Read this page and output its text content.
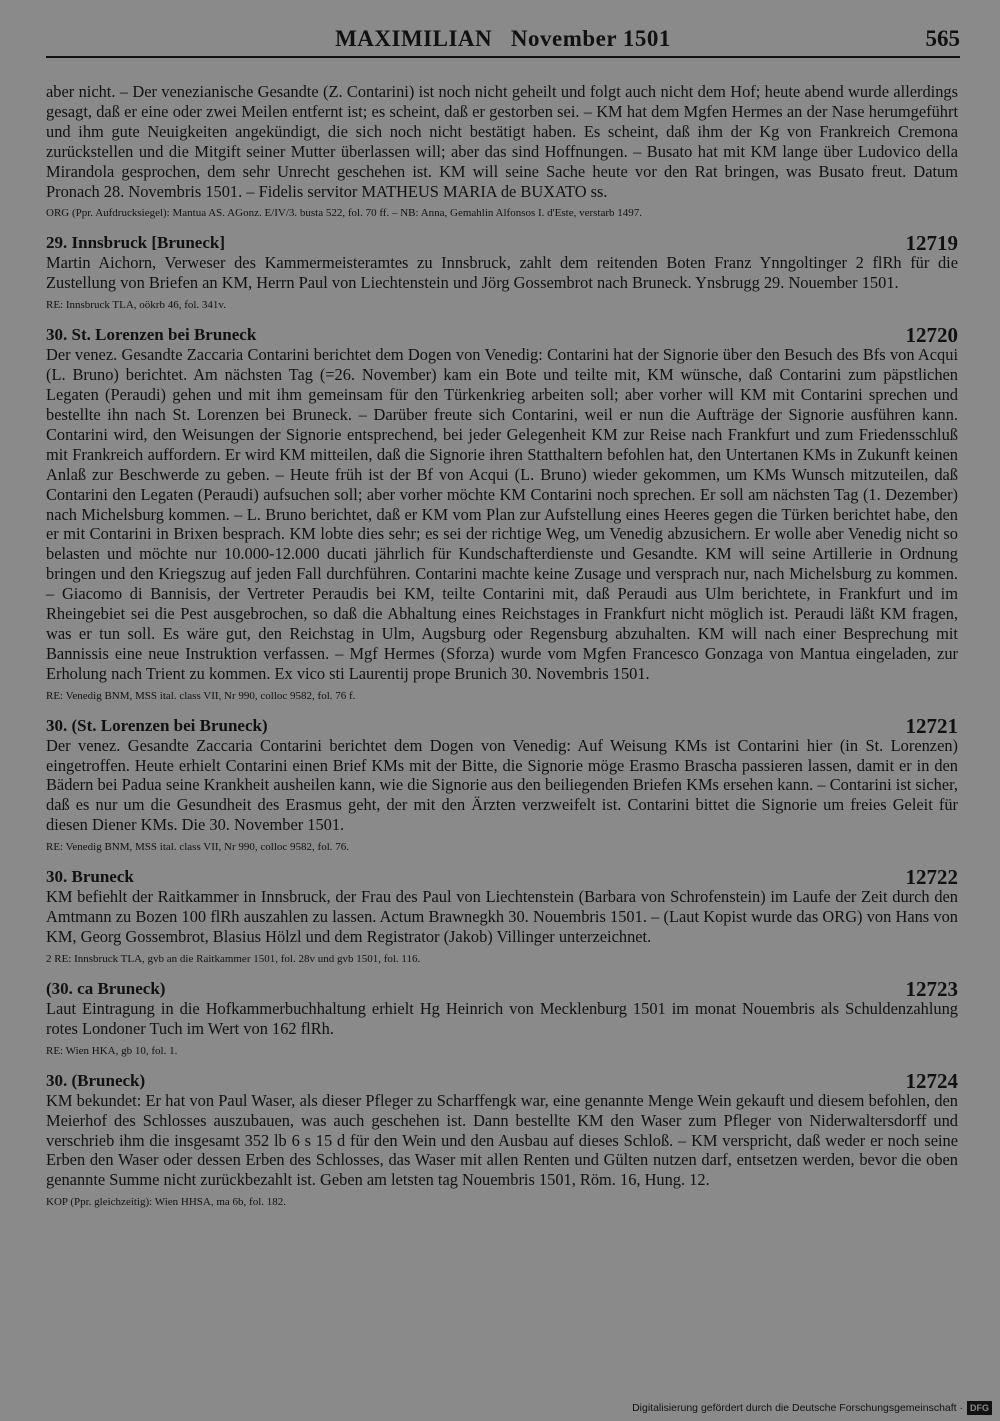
MAXIMILIAN   November 1501	565

aber nicht. – Der venezianische Gesandte (Z. Contarini) ist noch nicht geheilt und folgt auch nicht dem Hof; heute abend wurde allerdings gesagt, daß er eine oder zwei Meilen entfernt ist; es scheint, daß er gestorben sei. – KM hat dem Mgfen Hermes an der Nase herumgeführt und ihm gute Neuigkeiten angekündigt, die sich noch nicht bestätigt haben. Es scheint, daß ihm der Kg von Frankreich Cremona zurückstellen und die Mitgift seiner Mutter überlassen will; aber das sind Hoffnungen. – Busato hat mit KM lange über Ludovico della Mirandola gesprochen, dem sehr Unrecht geschehen ist. KM will seine Sache heute vor den Rat bringen, was Busato freut. Datum Pronach 28. Novembris 1501. – Fidelis servitor MATHEUS MARIA de BUXATO ss.

ORG (Ppr. Aufdrucksiegel): Mantua AS. AGonz. E/IV/3. busta 522, fol. 70 ff. – NB: Anna, Gemahlin Alfonsos I. d'Este, verstarb 1497.

29. Innsbruck [Bruneck]	12719

Martin Aichorn, Verweser des Kammermeisteramtes zu Innsbruck, zahlt dem reitenden Boten Franz Ynngoltinger 2 flRh für die Zustellung von Briefen an KM, Herrn Paul von Liechtenstein und Jörg Gossembrot nach Bruneck. Ynsbrugg 29. Nouember 1501.

RE: Innsbruck TLA, oökrb 46, fol. 341v.

30. St. Lorenzen bei Bruneck	12720

Der venez. Gesandte Zaccaria Contarini berichtet dem Dogen von Venedig: Contarini hat der Signorie über den Besuch des Bfs von Acqui (L. Bruno) berichtet. Am nächsten Tag (=26. November) kam ein Bote und teilte mit, KM wünsche, daß Contarini zum päpstlichen Legaten (Peraudi) gehen und mit ihm gemeinsam für den Türkenkrieg arbeiten soll; aber vorher will KM mit Contarini sprechen und bestellte ihn nach St. Lorenzen bei Bruneck. – Darüber freute sich Contarini, weil er nun die Aufträge der Signorie ausführen kann. Contarini wird, den Weisungen der Signorie entsprechend, bei jeder Gelegenheit KM zur Reise nach Frankfurt und zum Friedensschluß mit Frankreich auffordern. Er wird KM mitteilen, daß die Signorie ihren Statthaltern befohlen hat, den Untertanen KMs in Zukunft keinen Anlaß zur Beschwerde zu geben. – Heute früh ist der Bf von Acqui (L. Bruno) wieder gekommen, um KMs Wunsch mitzuteilen, daß Contarini den Legaten (Peraudi) aufsuchen soll; aber vorher möchte KM Contarini noch sprechen. Er soll am nächsten Tag (1. Dezember) nach Michelsburg kommen. – L. Bruno berichtet, daß er KM vom Plan zur Aufstellung eines Heeres gegen die Türken berichtet habe, den er mit Contarini in Brixen besprach. KM lobte dies sehr; es sei der richtige Weg, um Venedig abzusichern. Er wolle aber Venedig nicht so belasten und möchte nur 10.000-12.000 ducati jährlich für Kundschafterdienste und Gesandte. KM will seine Artillerie in Ordnung bringen und den Kriegszug auf jeden Fall durchführen. Contarini machte keine Zusage und versprach nur, nach Michelsburg zu kommen. – Giacomo di Bannisis, der Vertreter Peraudis bei KM, teilte Contarini mit, daß Peraudi aus Ulm berichtete, in Frankfurt und im Rheingebiet sei die Pest ausgebrochen, so daß die Abhaltung eines Reichstages in Frankfurt nicht möglich ist. Peraudi läßt KM fragen, was er tun soll. Es wäre gut, den Reichstag in Ulm, Augsburg oder Regensburg abzuhalten. KM will nach einer Besprechung mit Bannissis eine neue Instruktion verfassen. – Mgf Hermes (Sforza) wurde vom Mgfen Francesco Gonzaga von Mantua eingeladen, zur Erholung nach Trient zu kommen. Ex vico sti Laurentij prope Brunich 30. Novembris 1501.

RE: Venedig BNM, MSS ital. class VII, Nr 990, colloc 9582, fol. 76 f.

30. (St. Lorenzen bei Bruneck)	12721

Der venez. Gesandte Zaccaria Contarini berichtet dem Dogen von Venedig: Auf Weisung KMs ist Contarini hier (in St. Lorenzen) eingetroffen. Heute erhielt Contarini einen Brief KMs mit der Bitte, die Signorie möge Erasmo Brascha passieren lassen, damit er in den Bädern bei Padua seine Krankheit ausheilen kann, wie die Signorie aus den beiliegenden Briefen KMs ersehen kann. – Contarini ist sicher, daß es nur um die Gesundheit des Erasmus geht, der mit den Ärzten verzweifelt ist. Contarini bittet die Signorie um freies Geleit für diesen Diener KMs. Die 30. November 1501.

RE: Venedig BNM, MSS ital. class VII, Nr 990, colloc 9582, fol. 76.

30. Bruneck	12722

KM befiehlt der Raitkammer in Innsbruck, der Frau des Paul von Liechtenstein (Barbara von Schrofenstein) im Laufe der Zeit durch den Amtmann zu Bozen 100 flRh auszahlen zu lassen. Actum Brawnegkh 30. Nouembris 1501. – (Laut Kopist wurde das ORG) von Hans von KM, Georg Gossembrot, Blasius Hölzl und dem Registrator (Jakob) Villinger unterzeichnet.

2 RE: Innsbruck TLA, gvb an die Raitkammer 1501, fol. 28v und gvb 1501, fol. 116.

(30. ca Bruneck)	12723

Laut Eintragung in die Hofkammerbuchhaltung erhielt Hg Heinrich von Mecklenburg 1501 im monat Nouembris als Schuldenzahlung rotes Londoner Tuch im Wert von 162 flRh.

RE: Wien HKA, gb 10, fol. 1.

30. (Bruneck)	12724

KM bekundet: Er hat von Paul Waser, als dieser Pfleger zu Scharffengk war, eine genannte Menge Wein gekauft und diesem befohlen, den Meierhof des Schlosses auszubauen, was auch geschehen ist. Dann bestellte KM den Waser zum Pfleger von Niderwaltersdorff und verschrieb ihm die insgesamt 352 lb 6 s 15 d für den Wein und den Ausbau auf dieses Schloß. – KM verspricht, daß weder er noch seine Erben den Waser oder dessen Erben des Schlosses, das Waser mit allen Renten und Gülten nutzen darf, entsetzen werden, bevor die oben genannte Summe nicht zurückbezahlt ist. Geben am letsten tag Nouembris 1501, Röm. 16, Hung. 12.

KOP (Ppr. gleichzeitig): Wien HHSA, ma 6b, fol. 182.

Digitalisierung gefördert durch die Deutsche Forschungsgemeinschaft · DFG
